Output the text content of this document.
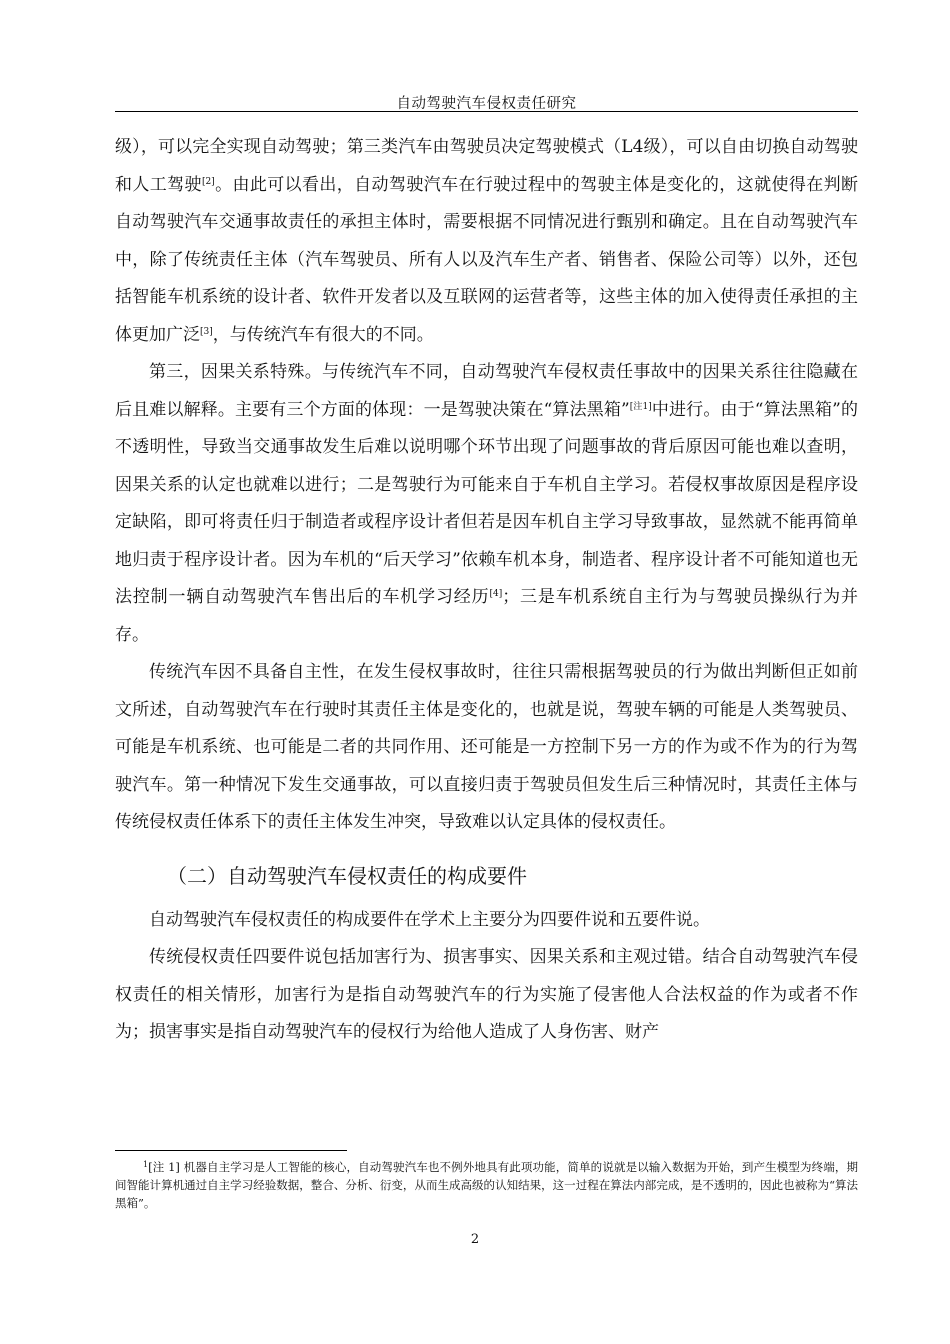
自动驾驶汽车侵权责任研究

级），可以完全实现自动驾驶；第三类汽车由驾驶员决定驾驶模式（L4级），可以自由切换自动驾驶和人工驾驶[2]。由此可以看出，自动驾驶汽车在行驶过程中的驾驶主体是变化的，这就使得在判断自动驾驶汽车交通事故责任的承担主体时，需要根据不同情况进行甄别和确定。且在自动驾驶汽车中，除了传统责任主体（汽车驾驶员、所有人以及汽车生产者、销售者、保险公司等）以外，还包括智能车机系统的设计者、软件开发者以及互联网的运营者等，这些主体的加入使得责任承担的主体更加广泛[3]，与传统汽车有很大的不同。

第三，因果关系特殊。与传统汽车不同，自动驾驶汽车侵权责任事故中的因果关系往往隐藏在后且难以解释。主要有三个方面的体现：一是驾驶决策在“算法黑箱”[注1]中进行。由于“算法黑箱”的不透明性，导致当交通事故发生后难以说明哪个环节出现了问题事故的背后原因可能也难以查明，因果关系的认定也就难以进行；二是驾驶行为可能来自于车机自主学习。若侵权事故原因是程序设定缺陷，即可将责任归于制造者或程序设计者但若是因车机自主学习导致事故，显然就不能再简单地归责于程序设计者。因为车机的“后天学习”依赖车机本身，制造者、程序设计者不可能知道也无法控制一辆自动驾驶汽车售出后的车机学习经历[4]；三是车机系统自主行为与驾驶员操纵行为并存。

传统汽车因不具备自主性，在发生侵权事故时，往往只需根据驾驶员的行为做出判断但正如前文所述，自动驾驶汽车在行驶时其责任主体是变化的，也就是说，驾驶车辆的可能是人类驾驶员、可能是车机系统、也可能是二者的共同作用、还可能是一方控制下另一方的作为或不作为的行为驾驶汽车。第一种情况下发生交通事故，可以直接归责于驾驶员但发生后三种情况时，其责任主体与传统侵权责任体系下的责任主体发生冲突，导致难以认定具体的侵权责任。

（二）自动驾驶汽车侵权责任的构成要件

自动驾驶汽车侵权责任的构成要件在学术上主要分为四要件说和五要件说。

传统侵权责任四要件说包括加害行为、损害事实、因果关系和主观过错。结合自动驾驶汽车侵权责任的相关情形，加害行为是指自动驾驶汽车的行为实施了侵害他人合法权益的作为或者不作为；损害事实是指自动驾驶汽车的侵权行为给他人造成了人身伤害、财产

$^1$[注 1] 机器自主学习是人工智能的核心，自动驾驶汽车也不例外地具有此项功能，简单的说就是以输入数据为开始，到产生模型为终端，期间智能计算机通过自主学习经验数据，整合、分析、衍变，从而生成高级的认知结果，这一过程在算法内部完成，是不透明的，因此也被称为“算法黑箱”。

2
